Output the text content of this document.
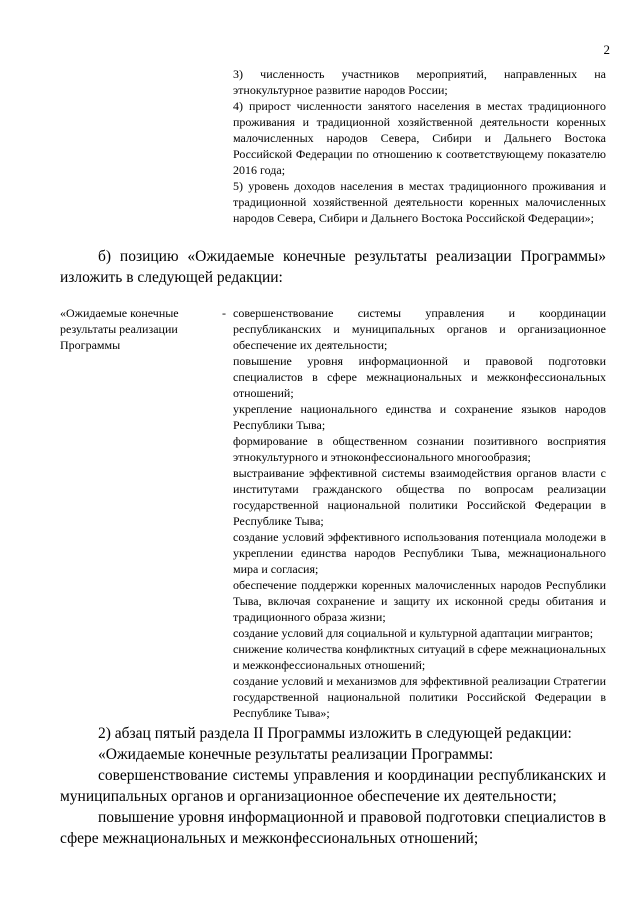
2

3) численность участников мероприятий, направленных на этнокультурное развитие народов России;

4) прирост численности занятого населения в местах традиционного проживания и традиционной хозяйственной деятельности коренных малочисленных народов Севера, Сибири и Дальнего Востока Российской Федерации по отношению к соответствующему показателю 2016 года;

5) уровень доходов населения в местах традиционного проживания и традиционной хозяйственной деятельности коренных малочисленных народов Севера, Сибири и Дальнего Востока Российской Федерации»;

б) позицию «Ожидаемые конечные результаты реализации Программы» изложить в следующей редакции:

«Ожидаемые конечные результаты реализации Программы
- совершенствование системы управления и координации республиканских и муниципальных органов и организационное обеспечение их деятельности;

повышение уровня информационной и правовой подготовки специалистов в сфере межнациональных и межконфессиональных отношений;

укрепление национального единства и сохранение языков народов Республики Тыва;

формирование в общественном сознании позитивного восприятия этнокультурного и этноконфессионального многообразия;

выстраивание эффективной системы взаимодействия органов власти с институтами гражданского общества по вопросам реализации государственной национальной политики Российской Федерации в Республике Тыва;

создание условий эффективного использования потенциала молодежи в укреплении единства народов Республики Тыва, межнационального мира и согласия;

обеспечение поддержки коренных малочисленных народов Республики Тыва, включая сохранение и защиту их исконной среды обитания и традиционного образа жизни;

создание условий для социальной и культурной адаптации мигрантов;

снижение количества конфликтных ситуаций в сфере межнациональных и межконфессиональных отношений;

создание условий и механизмов для эффективной реализации Стратегии государственной национальной политики Российской Федерации в Республике Тыва»;

2) абзац пятый раздела II Программы изложить в следующей редакции:

«Ожидаемые конечные результаты реализации Программы:

совершенствование системы управления и координации республиканских и муниципальных органов и организационное обеспечение их деятельности;

повышение уровня информационной и правовой подготовки специалистов в сфере межнациональных и межконфессиональных отношений;
